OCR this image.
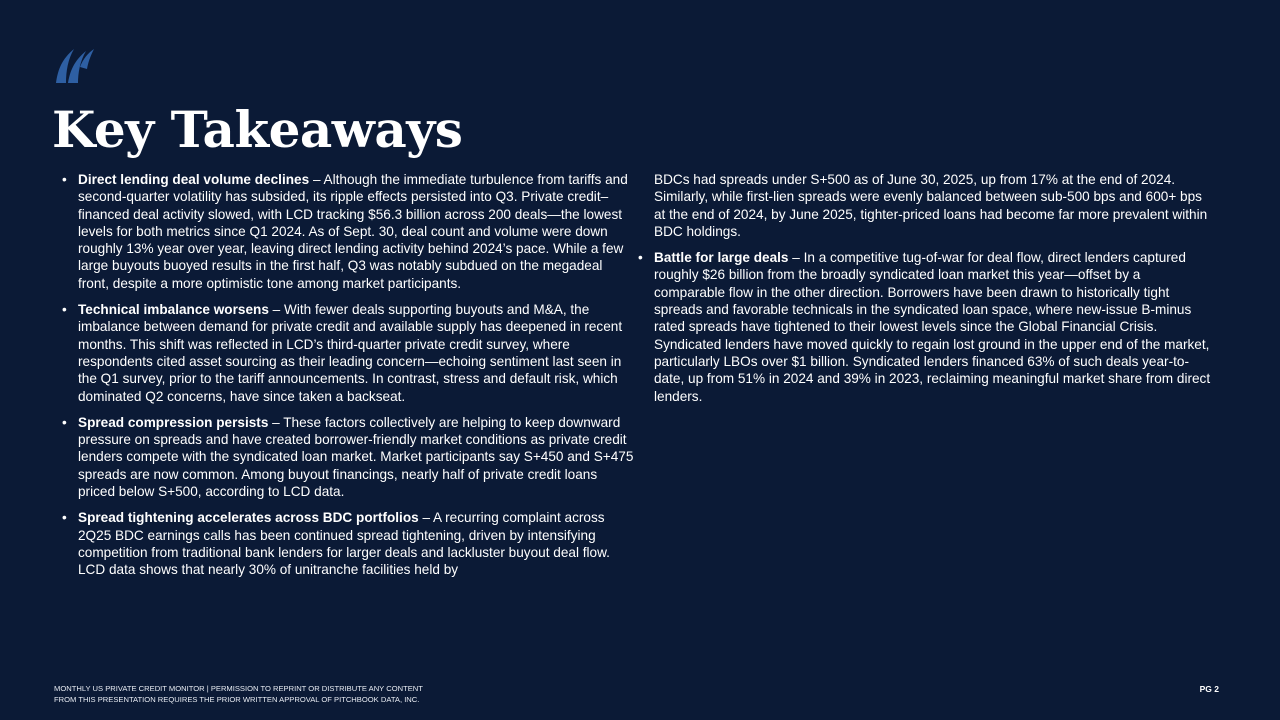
Key Takeaways
• Direct lending deal volume declines – Although the immediate turbulence from tariffs and second-quarter volatility has subsided, its ripple effects persisted into Q3. Private credit–financed deal activity slowed, with LCD tracking $56.3 billion across 200 deals—the lowest levels for both metrics since Q1 2024. As of Sept. 30, deal count and volume were down roughly 13% year over year, leaving direct lending activity behind 2024’s pace. While a few large buyouts buoyed results in the first half, Q3 was notably subdued on the megadeal front, despite a more optimistic tone among market participants.
• Technical imbalance worsens – With fewer deals supporting buyouts and M&A, the imbalance between demand for private credit and available supply has deepened in recent months. This shift was reflected in LCD’s third-quarter private credit survey, where respondents cited asset sourcing as their leading concern—echoing sentiment last seen in the Q1 survey, prior to the tariff announcements. In contrast, stress and default risk, which dominated Q2 concerns, have since taken a backseat.
• Spread compression persists – These factors collectively are helping to keep downward pressure on spreads and have created borrower-friendly market conditions as private credit lenders compete with the syndicated loan market. Market participants say S+450 and S+475 spreads are now common. Among buyout financings, nearly half of private credit loans priced below S+500, according to LCD data.
• Spread tightening accelerates across BDC portfolios – A recurring complaint across 2Q25 BDC earnings calls has been continued spread tightening, driven by intensifying competition from traditional bank lenders for larger deals and lackluster buyout deal flow. LCD data shows that nearly 30% of unitranche facilities held by
BDCs had spreads under S+500 as of June 30, 2025, up from 17% at the end of 2024. Similarly, while first-lien spreads were evenly balanced between sub-500 bps and 600+ bps at the end of 2024, by June 2025, tighter-priced loans had become far more prevalent within BDC holdings.
• Battle for large deals – In a competitive tug-of-war for deal flow, direct lenders captured roughly $26 billion from the broadly syndicated loan market this year—offset by a comparable flow in the other direction. Borrowers have been drawn to historically tight spreads and favorable technicals in the syndicated loan space, where new-issue B-minus rated spreads have tightened to their lowest levels since the Global Financial Crisis. Syndicated lenders have moved quickly to regain lost ground in the upper end of the market, particularly LBOs over $1 billion. Syndicated lenders financed 63% of such deals year-to-date, up from 51% in 2024 and 39% in 2023, reclaiming meaningful market share from direct lenders.
MONTHLY US PRIVATE CREDIT MONITOR | PERMISSION TO REPRINT OR DISTRIBUTE ANY CONTENT
FROM THIS PRESENTATION REQUIRES THE PRIOR WRITTEN APPROVAL OF PITCHBOOK DATA, INC.
PG 2
